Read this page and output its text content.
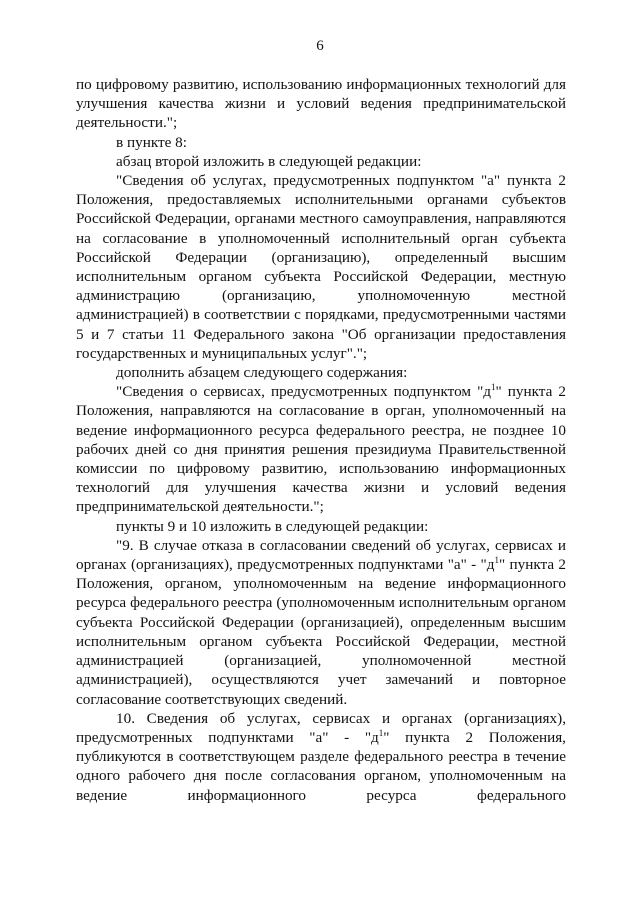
6

по цифровому развитию, использованию информационных технологий для улучшения качества жизни и условий ведения предпринимательской деятельности.";

в пункте 8:

абзац второй изложить в следующей редакции:

"Сведения об услугах, предусмотренных подпунктом "а" пункта 2 Положения, предоставляемых исполнительными органами субъектов Российской Федерации, органами местного самоуправления, направляются на согласование в уполномоченный исполнительный орган субъекта Российской Федерации (организацию), определенный высшим исполнительным органом субъекта Российской Федерации, местную администрацию (организацию, уполномоченную местной администрацией) в соответствии с порядками, предусмотренными частями 5 и 7 статьи 11 Федерального закона "Об организации предоставления государственных и муниципальных услуг".";

дополнить абзацем следующего содержания:

"Сведения о сервисах, предусмотренных подпунктом "$д^1$" пункта 2 Положения, направляются на согласование в орган, уполномоченный на ведение информационного ресурса федерального реестра, не позднее 10 рабочих дней со дня принятия решения президиума Правительственной комиссии по цифровому развитию, использованию информационных технологий для улучшения качества жизни и условий ведения предпринимательской деятельности.";

пункты 9 и 10 изложить в следующей редакции:

"9. В случае отказа в согласовании сведений об услугах, сервисах и органах (организациях), предусмотренных подпунктами "а" - "$д^1$" пункта 2 Положения, органом, уполномоченным на ведение информационного ресурса федерального реестра (уполномоченным исполнительным органом субъекта Российской Федерации (организацией), определенным высшим исполнительным органом субъекта Российской Федерации, местной администрацией (организацией, уполномоченной местной администрацией), осуществляются учет замечаний и повторное согласование соответствующих сведений.

10. Сведения об услугах, сервисах и органах (организациях), предусмотренных подпунктами "а" - "$д^1$" пункта 2 Положения, публикуются в соответствующем разделе федерального реестра в течение одного рабочего дня после согласования органом, уполномоченным на ведение информационного ресурса федерального
